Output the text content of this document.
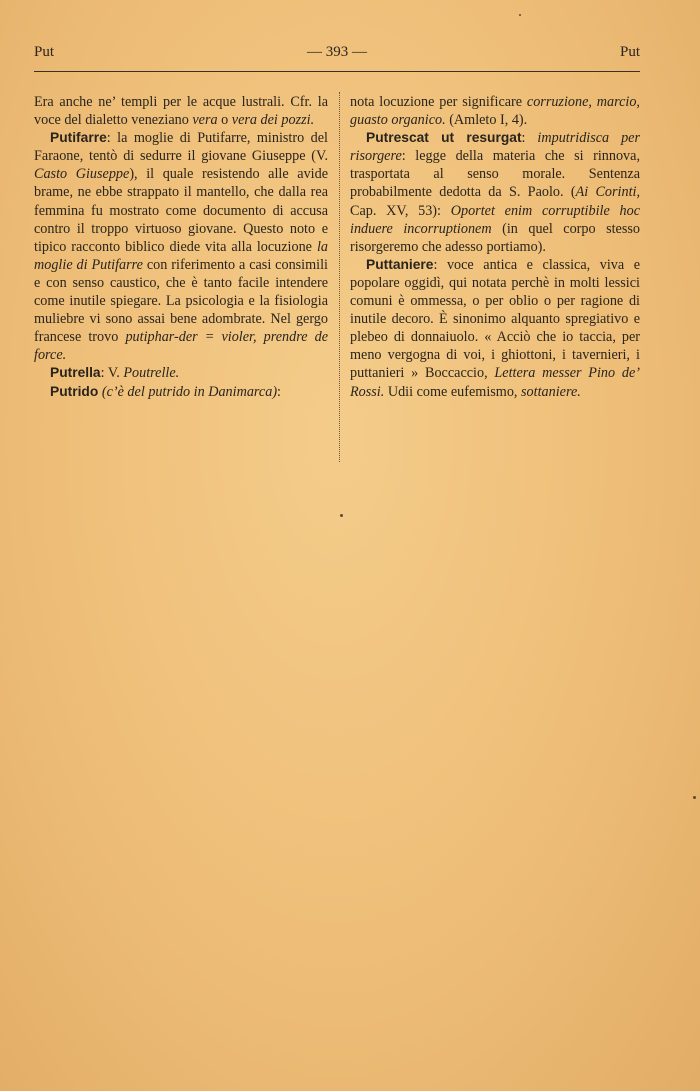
Put	— 393 —	Put

Era anche ne’ templi per le acque lustrali. Cfr. la voce del dialetto veneziano vera o vera dei pozzi.

Putifarre: la moglie di Putifarre, ministro del Faraone, tentò di sedurre il giovane Giuseppe (V. Casto Giuseppe), il quale resistendo alle avide brame, ne ebbe strappato il mantello, che dalla rea femmina fu mostrato come documento di accusa contro il troppo virtuoso giovane. Questo noto e tipico racconto biblico diede vita alla locuzione la moglie di Putifarre con riferimento a casi consimili e con senso caustico, che è tanto facile intendere come inutile spiegare. La psicologia e la fisiologia muliebre vi sono assai bene adombrate. Nel gergo francese trovo putiphar-der = violer, prendre de force.

Putrella: V. Poutrelle.

Putrido (c’è del putrido in Danimarca):

nota locuzione per significare corruzione, marcio, guasto organico. (Amleto I, 4).

Putrescat ut resurgat: imputridisca per risorgere: legge della materia che si rinnova, trasportata al senso morale. Sentenza probabilmente dedotta da S. Paolo. (Ai Corinti, Cap. XV, 53): Oportet enim corruptibile hoc induere incorruptionem (in quel corpo stesso risorgeremo che adesso portiamo).

Puttaniere: voce antica e classica, viva e popolare oggidì, qui notata perchè in molti lessici comuni è ommessa, o per oblio o per ragione di inutile decoro. È sinonimo alquanto spregiativo e plebeo di donnaiuolo. « Acciò che io taccia, per meno vergogna di voi, i ghiottoni, i tavernieri, i puttanieri » Boccaccio, Lettera messer Pino de’ Rossi. Udii come eufemismo, sottaniere.
